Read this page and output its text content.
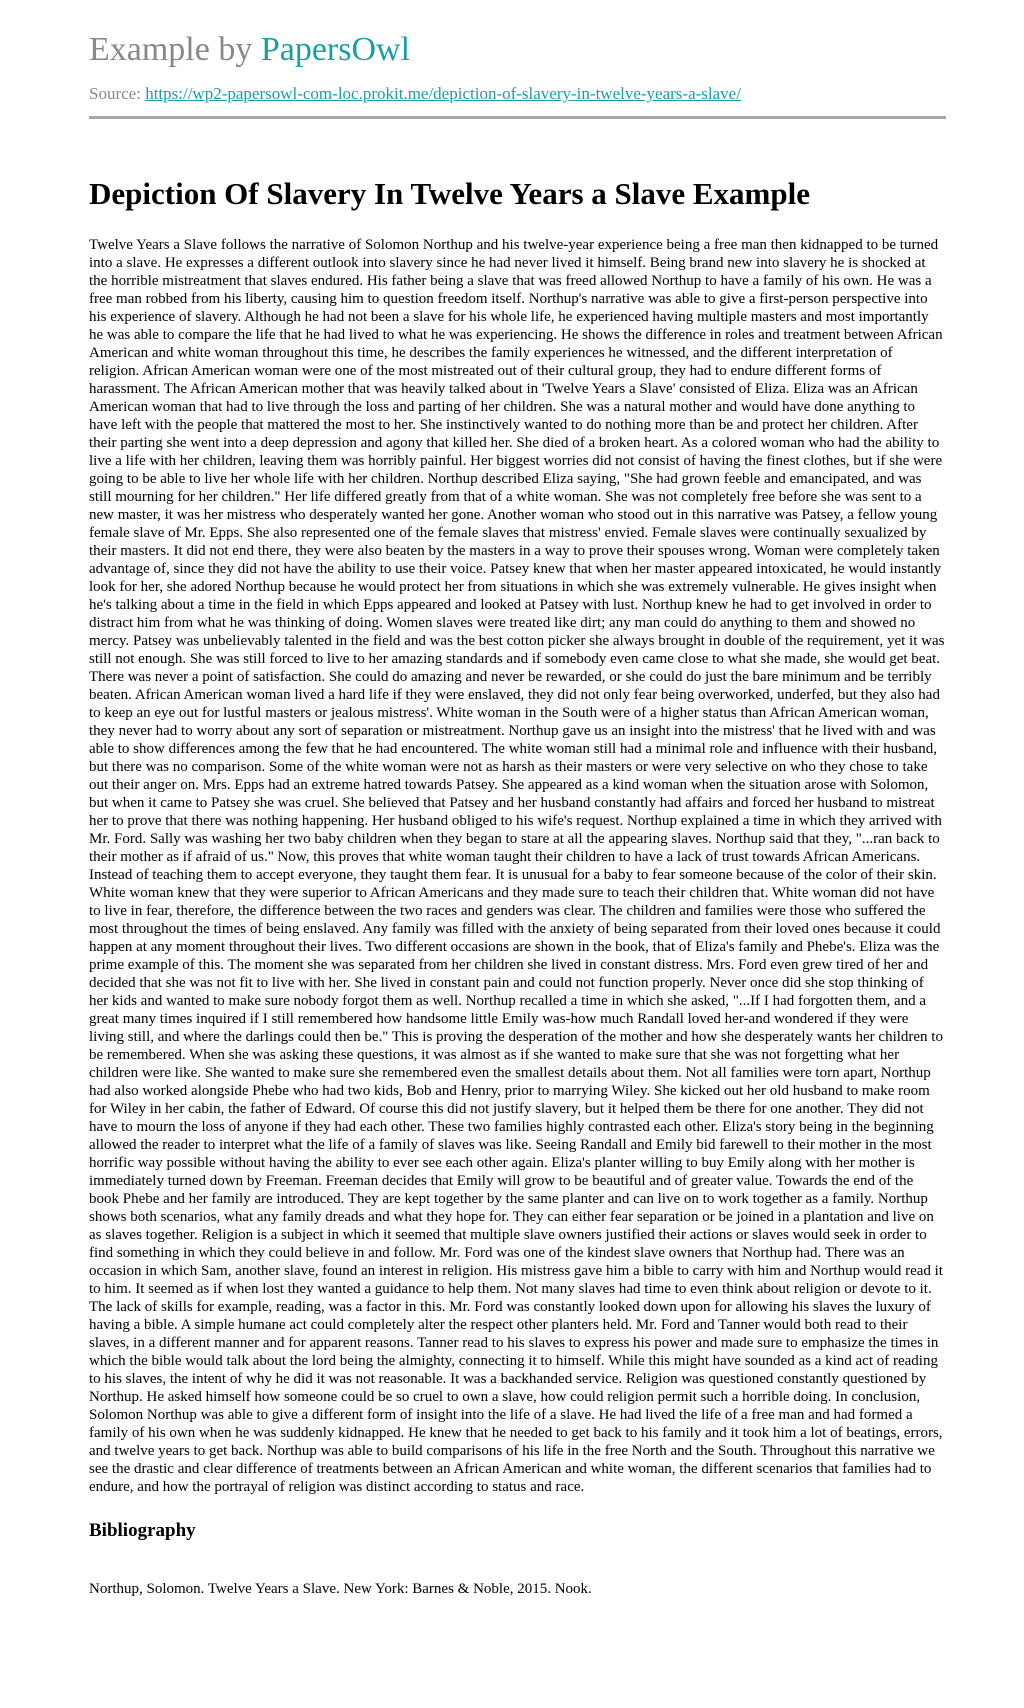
Example by PapersOwl
Source: https://wp2-papersowl-com-loc.prokit.me/depiction-of-slavery-in-twelve-years-a-slave/
Depiction Of Slavery In Twelve Years a Slave Example

Twelve Years a Slave follows the narrative of Solomon Northup and his twelve-year experience being a free man then kidnapped to be turned into a slave. He expresses a different outlook into slavery since he had never lived it himself. Being brand new into slavery he is shocked at the horrible mistreatment that slaves endured. His father being a slave that was freed allowed Northup to have a family of his own. He was a free man robbed from his liberty, causing him to question freedom itself. Northup's narrative was able to give a first-person perspective into his experience of slavery. Although he had not been a slave for his whole life, he experienced having multiple masters and most importantly he was able to compare the life that he had lived to what he was experiencing. He shows the difference in roles and treatment between African American and white woman throughout this time, he describes the family experiences he witnessed, and the different interpretation of religion. African American woman were one of the most mistreated out of their cultural group, they had to endure different forms of harassment. The African American mother that was heavily talked about in 'Twelve Years a Slave' consisted of Eliza. Eliza was an African American woman that had to live through the loss and parting of her children. She was a natural mother and would have done anything to have left with the people that mattered the most to her. She instinctively wanted to do nothing more than be and protect her children. After their parting she went into a deep depression and agony that killed her. She died of a broken heart. As a colored woman who had the ability to live a life with her children, leaving them was horribly painful. Her biggest worries did not consist of having the finest clothes, but if she were going to be able to live her whole life with her children. Northup described Eliza saying, "She had grown feeble and emancipated, and was still mourning for her children." Her life differed greatly from that of a white woman. She was not completely free before she was sent to a new master, it was her mistress who desperately wanted her gone. Another woman who stood out in this narrative was Patsey, a fellow young female slave of Mr. Epps. She also represented one of the female slaves that mistress' envied. Female slaves were continually sexualized by their masters. It did not end there, they were also beaten by the masters in a way to prove their spouses wrong. Woman were completely taken advantage of, since they did not have the ability to use their voice. Patsey knew that when her master appeared intoxicated, he would instantly look for her, she adored Northup because he would protect her from situations in which she was extremely vulnerable. He gives insight when he's talking about a time in the field in which Epps appeared and looked at Patsey with lust. Northup knew he had to get involved in order to distract him from what he was thinking of doing. Women slaves were treated like dirt; any man could do anything to them and showed no mercy. Patsey was unbelievably talented in the field and was the best cotton picker she always brought in double of the requirement, yet it was still not enough. She was still forced to live to her amazing standards and if somebody even came close to what she made, she would get beat. There was never a point of satisfaction. She could do amazing and never be rewarded, or she could do just the bare minimum and be terribly beaten. African American woman lived a hard life if they were enslaved, they did not only fear being overworked, underfed, but they also had to keep an eye out for lustful masters or jealous mistress'. White woman in the South were of a higher status than African American woman, they never had to worry about any sort of separation or mistreatment. Northup gave us an insight into the mistress' that he lived with and was able to show differences among the few that he had encountered. The white woman still had a minimal role and influence with their husband, but there was no comparison. Some of the white woman were not as harsh as their masters or were very selective on who they chose to take out their anger on. Mrs. Epps had an extreme hatred towards Patsey. She appeared as a kind woman when the situation arose with Solomon, but when it came to Patsey she was cruel. She believed that Patsey and her husband constantly had affairs and forced her husband to mistreat her to prove that there was nothing happening. Her husband obliged to his wife's request. Northup explained a time in which they arrived with Mr. Ford. Sally was washing her two baby children when they began to stare at all the appearing slaves. Northup said that they, "...ran back to their mother as if afraid of us." Now, this proves that white woman taught their children to have a lack of trust towards African Americans. Instead of teaching them to accept everyone, they taught them fear. It is unusual for a baby to fear someone because of the color of their skin. White woman knew that they were superior to African Americans and they made sure to teach their children that. White woman did not have to live in fear, therefore, the difference between the two races and genders was clear. The children and families were those who suffered the most throughout the times of being enslaved. Any family was filled with the anxiety of being separated from their loved ones because it could happen at any moment throughout their lives. Two different occasions are shown in the book, that of Eliza's family and Phebe's. Eliza was the prime example of this. The moment she was separated from her children she lived in constant distress. Mrs. Ford even grew tired of her and decided that she was not fit to live with her. She lived in constant pain and could not function properly. Never once did she stop thinking of her kids and wanted to make sure nobody forgot them as well. Northup recalled a time in which she asked, "...If I had forgotten them, and a great many times inquired if I still remembered how handsome little Emily was-how much Randall loved her-and wondered if they were living still, and where the darlings could then be." This is proving the desperation of the mother and how she desperately wants her children to be remembered. When she was asking these questions, it was almost as if she wanted to make sure that she was not forgetting what her children were like. She wanted to make sure she remembered even the smallest details about them. Not all families were torn apart, Northup had also worked alongside Phebe who had two kids, Bob and Henry, prior to marrying Wiley. She kicked out her old husband to make room for Wiley in her cabin, the father of Edward. Of course this did not justify slavery, but it helped them be there for one another. They did not have to mourn the loss of anyone if they had each other. These two families highly contrasted each other. Eliza's story being in the beginning allowed the reader to interpret what the life of a family of slaves was like. Seeing Randall and Emily bid farewell to their mother in the most horrific way possible without having the ability to ever see each other again. Eliza's planter willing to buy Emily along with her mother is immediately turned down by Freeman. Freeman decides that Emily will grow to be beautiful and of greater value. Towards the end of the book Phebe and her family are introduced. They are kept together by the same planter and can live on to work together as a family. Northup shows both scenarios, what any family dreads and what they hope for. They can either fear separation or be joined in a plantation and live on as slaves together. Religion is a subject in which it seemed that multiple slave owners justified their actions or slaves would seek in order to find something in which they could believe in and follow. Mr. Ford was one of the kindest slave owners that Northup had. There was an occasion in which Sam, another slave, found an interest in religion. His mistress gave him a bible to carry with him and Northup would read it to him. It seemed as if when lost they wanted a guidance to help them. Not many slaves had time to even think about religion or devote to it. The lack of skills for example, reading, was a factor in this. Mr. Ford was constantly looked down upon for allowing his slaves the luxury of having a bible. A simple humane act could completely alter the respect other planters held. Mr. Ford and Tanner would both read to their slaves, in a different manner and for apparent reasons. Tanner read to his slaves to express his power and made sure to emphasize the times in which the bible would talk about the lord being the almighty, connecting it to himself. While this might have sounded as a kind act of reading to his slaves, the intent of why he did it was not reasonable. It was a backhanded service. Religion was questioned constantly questioned by Northup. He asked himself how someone could be so cruel to own a slave, how could religion permit such a horrible doing. In conclusion, Solomon Northup was able to give a different form of insight into the life of a slave. He had lived the life of a free man and had formed a family of his own when he was suddenly kidnapped. He knew that he needed to get back to his family and it took him a lot of beatings, errors, and twelve years to get back. Northup was able to build comparisons of his life in the free North and the South. Throughout this narrative we see the drastic and clear difference of treatments between an African American and white woman, the different scenarios that families had to endure, and how the portrayal of religion was distinct according to status and race.

Bibliography
Northup, Solomon. Twelve Years a Slave. New York: Barnes & Noble, 2015. Nook.
